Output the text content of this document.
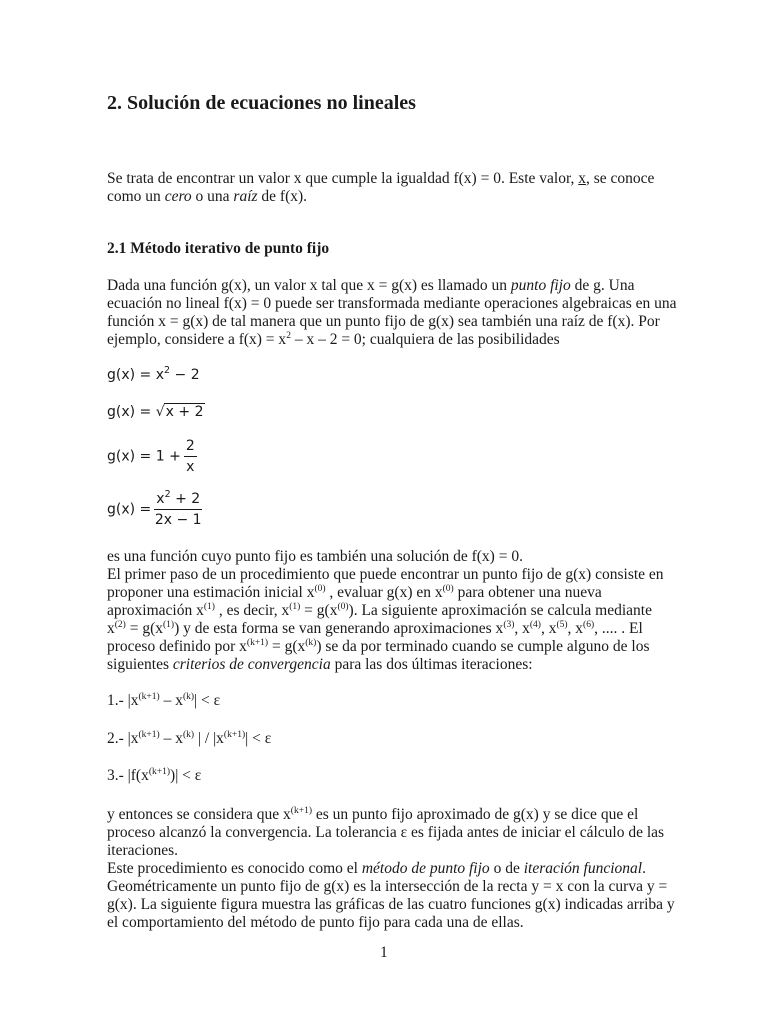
2. Solución de ecuaciones no lineales
Se trata de encontrar un valor x que cumple la igualdad f(x) = 0. Este valor, x, se conoce
como un cero o una raíz de f(x).
2.1 Método iterativo de punto fijo
Dada una función g(x), un valor x tal que x = g(x) es llamado un punto fijo de g. Una
ecuación no lineal f(x) = 0 puede ser transformada mediante operaciones algebraicas en una
función x = g(x) de tal manera que un punto fijo de g(x) sea también una raíz de f(x). Por
ejemplo, considere a $f(x) = x^2 - x - 2 = 0$; cualquiera de las posibilidades
$g(x) = x^2 - 2$
g(x) = √x + 2
$g(x) = 1 + \frac{2}{x}$
$g(x) = \frac{x^2 + 2}{2x - 1}$
es una función cuyo punto fijo es también una solución de f(x) = 0.
El primer paso de un procedimiento que puede encontrar un punto fijo de g(x) consiste en
proponer una estimación inicial $x^{(0)}$ , evaluar g(x) en $x^{(0)}$ para obtener una nueva
aproximación $x^{(1)}$ , es decir, $x^{(1)} = g(x^{(0)})$. La siguiente aproximación se calcula mediante
$x^{(2)} = g(x^{(1)})$ y de esta forma se van generando aproximaciones $x^{(3)}$, $x^{(4)}$, $x^{(5)}$, $x^{(6)}$, .... . El
proceso definido por $x^{(k+1)} = g(x^{(k)})$ se da por terminado cuando se cumple alguno de los
siguientes criterios de convergencia para las dos últimas iteraciones:
1.- $|x^{(k+1)} - x^{(k)}| < \varepsilon$
2.- $|x^{(k+1)} - x^{(k)}$ | / $|x^{(k+1)}| < \varepsilon$
3.- $|f(x^{(k+1)})| < \varepsilon$
y entonces se considera que $x^{(k+1)}$ es un punto fijo aproximado de g(x) y se dice que el
proceso alcanzó la convergencia. La tolerancia ε es fijada antes de iniciar el cálculo de las
iteraciones.
Este procedimiento es conocido como el método de punto fijo o de iteración funcional.
Geométricamente un punto fijo de g(x) es la intersección de la recta y = x con la curva y =
g(x). La siguiente figura muestra las gráficas de las cuatro funciones g(x) indicadas arriba y
el comportamiento del método de punto fijo para cada una de ellas.
1
